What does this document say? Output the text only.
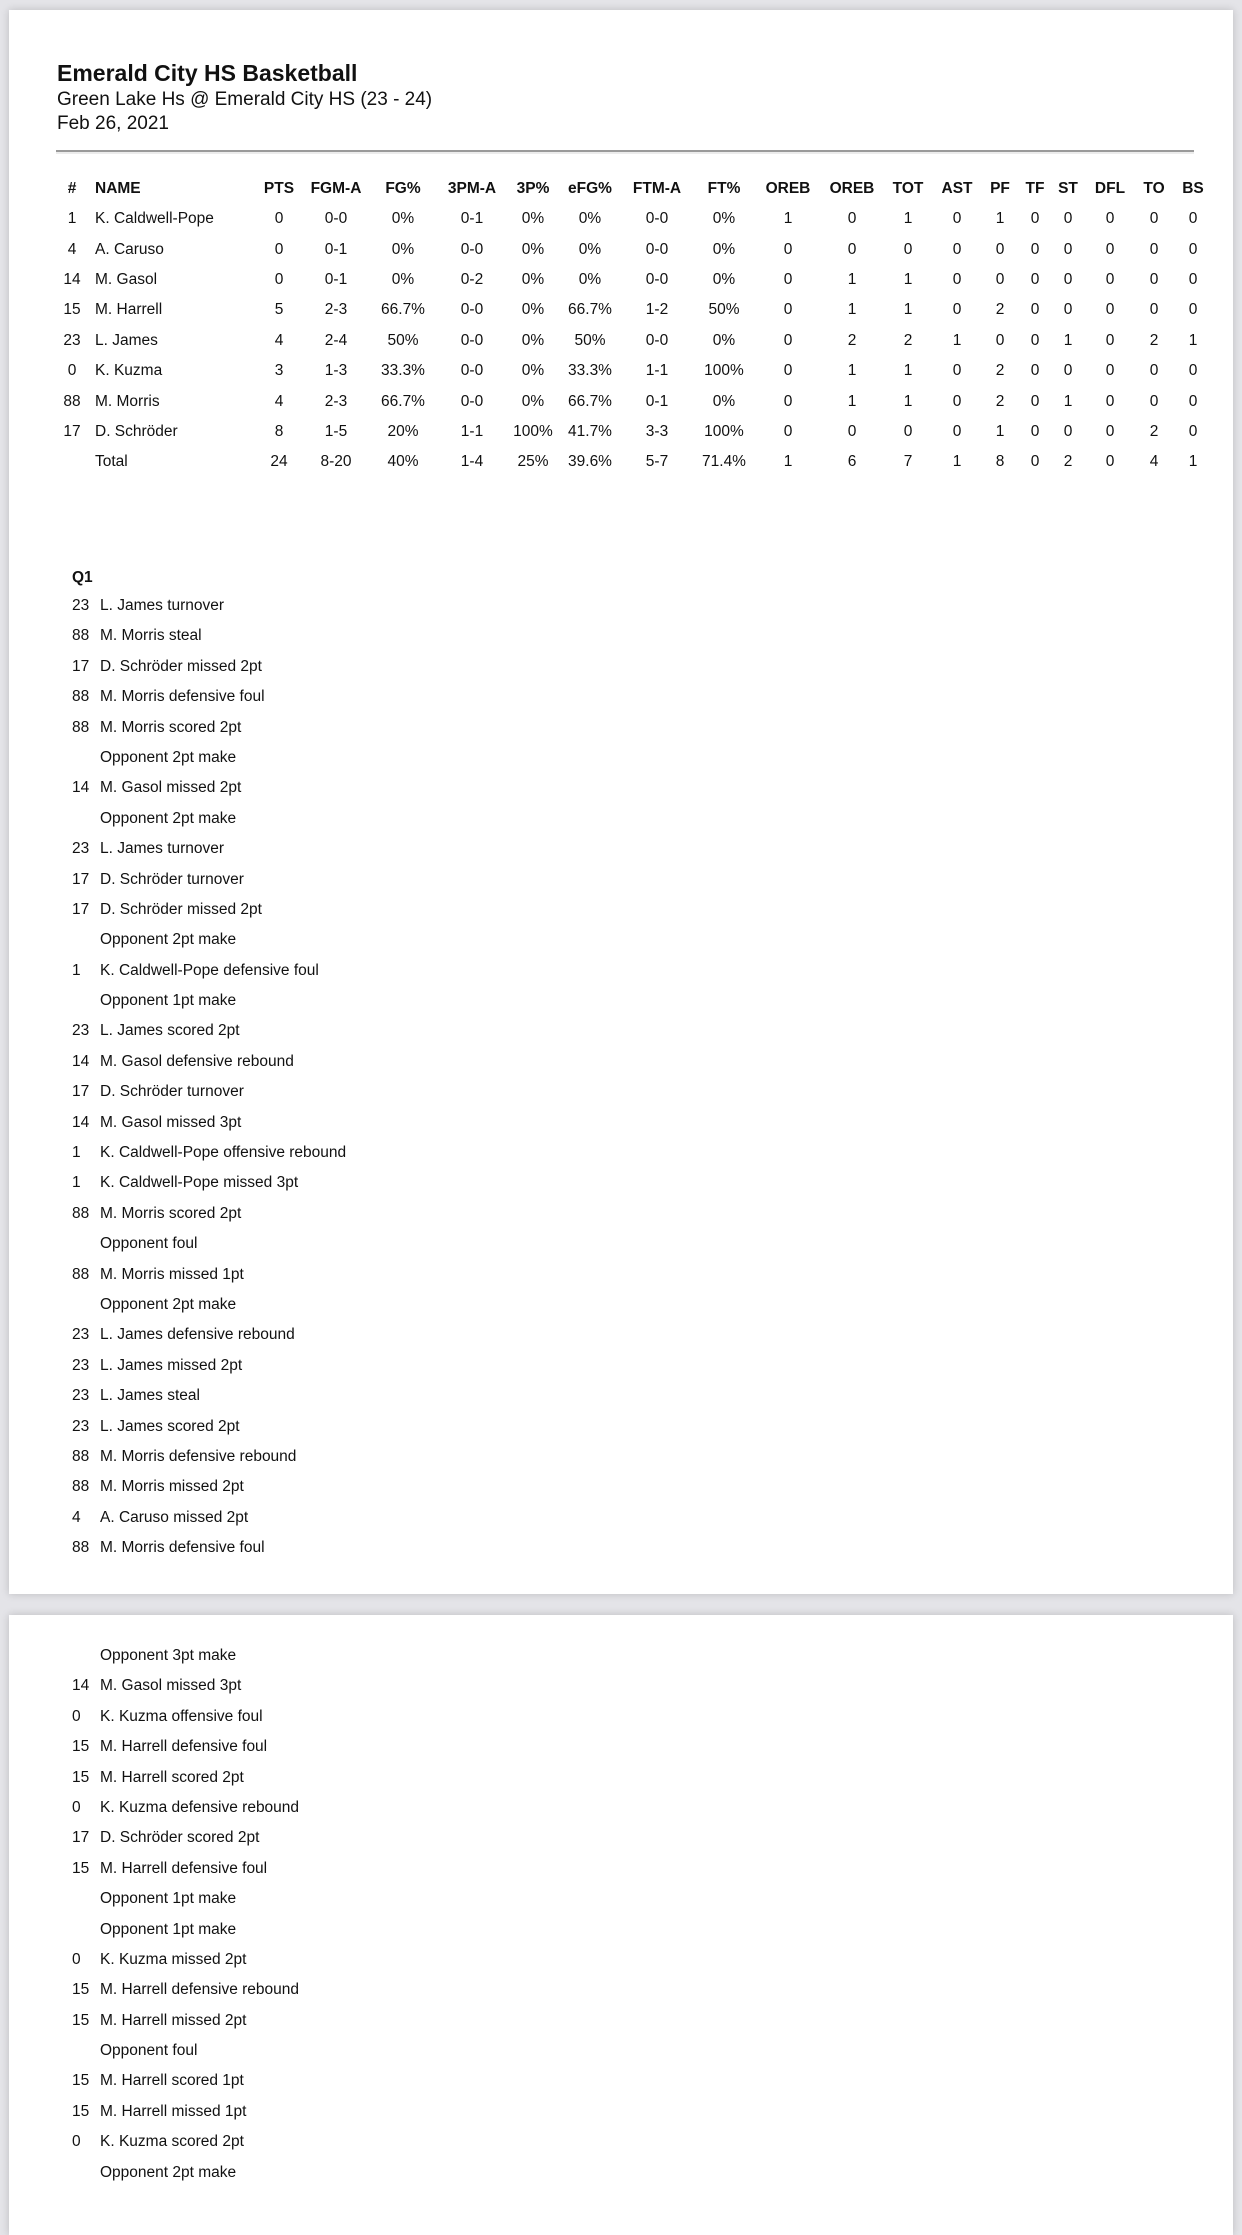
Emerald City HS Basketball
Green Lake Hs @ Emerald City HS (23 - 24)
Feb 26, 2021
#	NAME	PTS	FGM-A	FG%	3PM-A	3P%	eFG%	FTM-A	FT%	OREB	OREB	TOT	AST	PF	TF	ST	DFL	TO	BS
1	K. Caldwell-Pope	0	0-0	0%	0-1	0%	0%	0-0	0%	1	0	1	0	1	0	0	0	0	0
4	A. Caruso	0	0-1	0%	0-0	0%	0%	0-0	0%	0	0	0	0	0	0	0	0	0	0
14	M. Gasol	0	0-1	0%	0-2	0%	0%	0-0	0%	0	1	1	0	0	0	0	0	0	0
15	M. Harrell	5	2-3	66.7%	0-0	0%	66.7%	1-2	50%	0	1	1	0	2	0	0	0	0	0
23	L. James	4	2-4	50%	0-0	0%	50%	0-0	0%	0	2	2	1	0	0	1	0	2	1
0	K. Kuzma	3	1-3	33.3%	0-0	0%	33.3%	1-1	100%	0	1	1	0	2	0	0	0	0	0
88	M. Morris	4	2-3	66.7%	0-0	0%	66.7%	0-1	0%	0	1	1	0	2	0	1	0	0	0
17	D. Schröder	8	1-5	20%	1-1	100%	41.7%	3-3	100%	0	0	0	0	1	0	0	0	2	0
	Total	24	8-20	40%	1-4	25%	39.6%	5-7	71.4%	1	6	7	1	8	0	2	0	4	1
Q1
23 L. James turnover
88 M. Morris steal
17 D. Schröder missed 2pt
88 M. Morris defensive foul
88 M. Morris scored 2pt
Opponent 2pt make
14 M. Gasol missed 2pt
Opponent 2pt make
23 L. James turnover
17 D. Schröder turnover
17 D. Schröder missed 2pt
Opponent 2pt make
1	K. Caldwell-Pope defensive foul
Opponent 1pt make
23 L. James scored 2pt
14 M. Gasol defensive rebound
17 D. Schröder turnover
14 M. Gasol missed 3pt
1	K. Caldwell-Pope offensive rebound
1	K. Caldwell-Pope missed 3pt
88 M. Morris scored 2pt
Opponent foul
88 M. Morris missed 1pt
Opponent 2pt make
23 L. James defensive rebound
23 L. James missed 2pt
23 L. James steal
23 L. James scored 2pt
88 M. Morris defensive rebound
88 M. Morris missed 2pt
4	A. Caruso missed 2pt
88 M. Morris defensive foul
Opponent 3pt make
14 M. Gasol missed 3pt
0	K. Kuzma offensive foul
15 M. Harrell defensive foul
15 M. Harrell scored 2pt
0	K. Kuzma defensive rebound
17 D. Schröder scored 2pt
15 M. Harrell defensive foul
Opponent 1pt make
Opponent 1pt make
0	K. Kuzma missed 2pt
15 M. Harrell defensive rebound
15 M. Harrell missed 2pt
Opponent foul
15 M. Harrell scored 1pt
15 M. Harrell missed 1pt
0	K. Kuzma scored 2pt
Opponent 2pt make
